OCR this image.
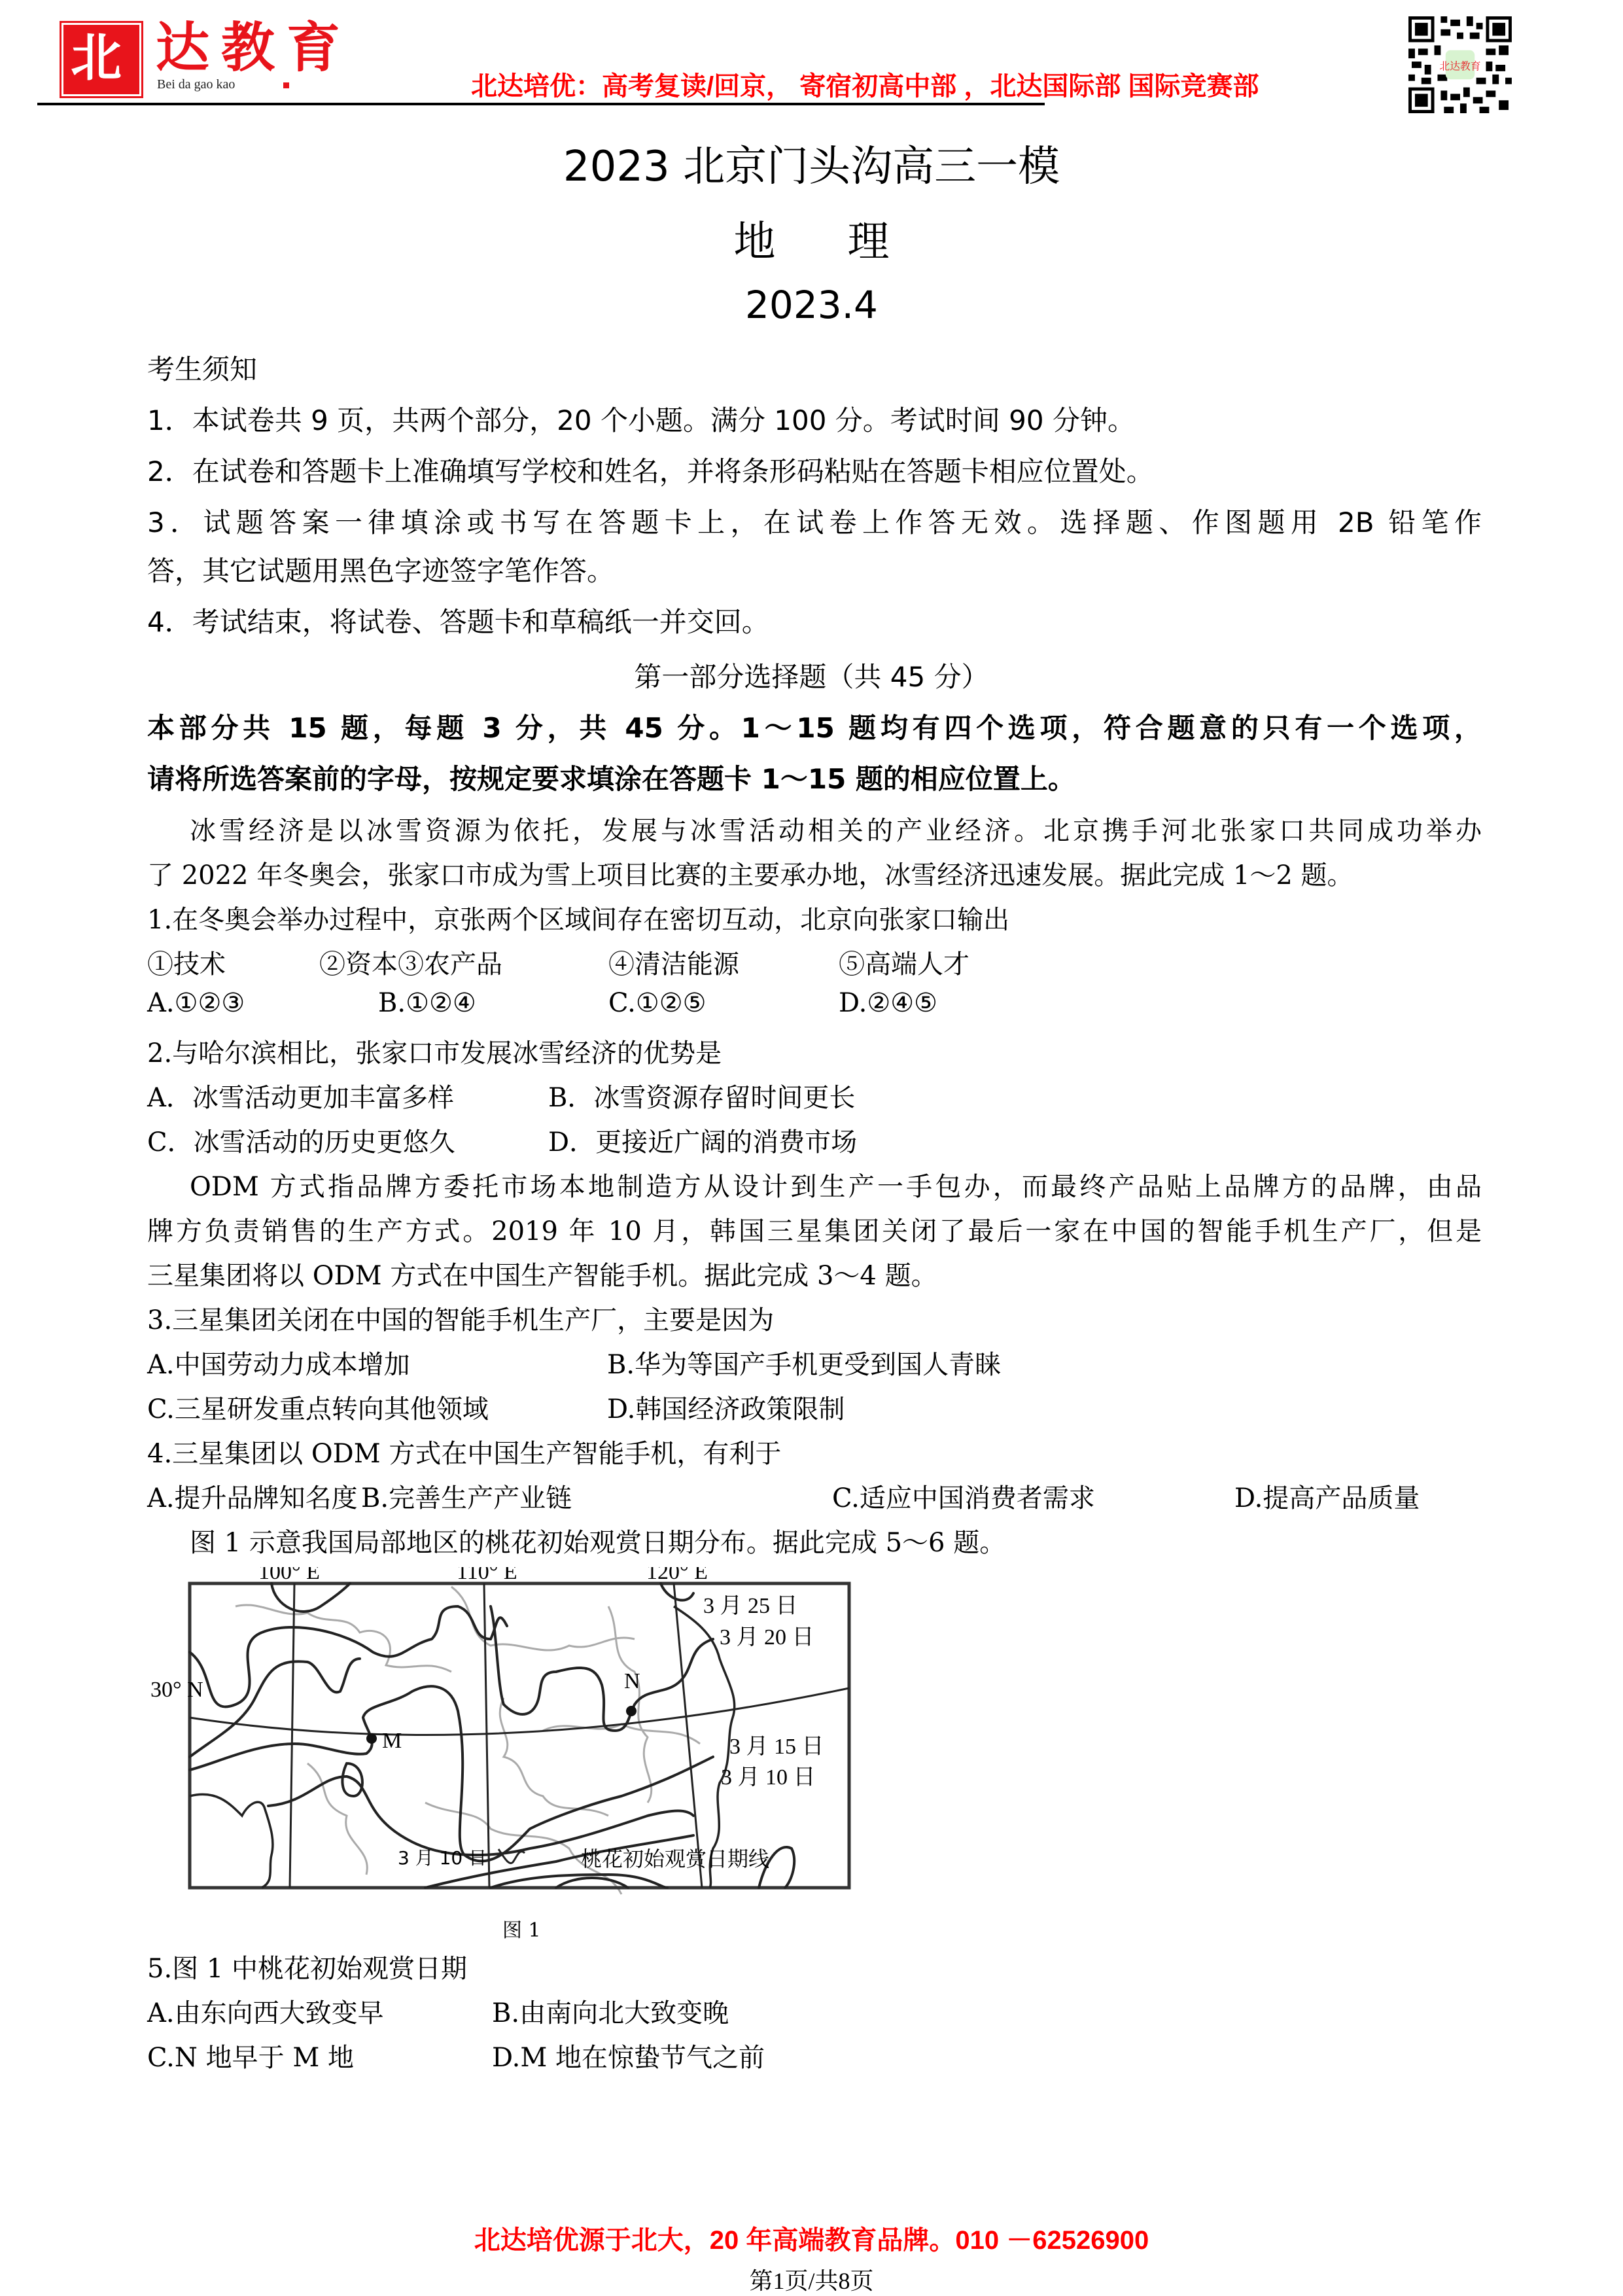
北 达教育
Bei da gao kao	北达培优：高考复读/回京， 寄宿初高中部 ，北达国际部 国际竞赛部
北达教育
2023 北京门头沟高三一模
地理
2023.4
考生须知
1．本试卷共 9 页，共两个部分，20 个小题。满分 100 分。考试时间 90 分钟。
2．在试卷和答题卡上准确填写学校和姓名，并将条形码粘贴在答题卡相应位置处。
3．试题答案一律填涂或书写在答题卡上，在试卷上作答无效。选择题、作图题用 2B 铅笔作
答，其它试题用黑色字迹签字笔作答。
4．考试结束，将试卷、答题卡和草稿纸一并交回。
第一部分选择题（共 45 分）
本部分共 15 题，每题 3 分，共 45 分。1～15 题均有四个选项，符合题意的只有一个选项，
请将所选答案前的字母，按规定要求填涂在答题卡 1～15 题的相应位置上。
冰雪经济是以冰雪资源为依托，发展与冰雪活动相关的产业经济。北京携手河北张家口共同成功举办
了 2022 年冬奥会，张家口市成为雪上项目比赛的主要承办地，冰雪经济迅速发展。据此完成 1～2 题。
1.在冬奥会举办过程中，京张两个区域间存在密切互动，北京向张家口输出
①技术	②资本③农产品	④清洁能源	⑤高端人才
A.①②③	B.①②④	C.①②⑤	D.②④⑤
2.与哈尔滨相比，张家口市发展冰雪经济的优势是
A．冰雪活动更加丰富多样	B．冰雪资源存留时间更长
C．冰雪活动的历史更悠久	D．更接近广阔的消费市场
ODM 方式指品牌方委托市场本地制造方从设计到生产一手包办，而最终产品贴上品牌方的品牌，由品
牌方负责销售的生产方式。2019 年 10 月，韩国三星集团关闭了最后一家在中国的智能手机生产厂，但是
三星集团将以 ODM 方式在中国生产智能手机。据此完成 3～4 题。
3.三星集团关闭在中国的智能手机生产厂，主要是因为
A.中国劳动力成本增加	B.华为等国产手机更受到国人青睐
C.三星研发重点转向其他领域	D.韩国经济政策限制
4.三星集团以 ODM 方式在中国生产智能手机，有利于
A.提升品牌知名度 B.完善生产产业链	C.适应中国消费者需求	D.提高产品质量
图 1 示意我国局部地区的桃花初始观赏日期分布。据此完成 5～6 题。
M
N
100° E	110° E	120° E
30° N
3 月 25 日
3 月 20 日
3 月 15 日
3 月 10 日
3 月 10 日	桃花初始观赏日期线
图 1
5.图 1 中桃花初始观赏日期
A.由东向西大致变早	B.由南向北大致变晚
C.N 地早于 M 地	D.M 地在惊蛰节气之前
北达培优源于北大，20 年高端教育品牌。010 －62526900
第1页/共8页
